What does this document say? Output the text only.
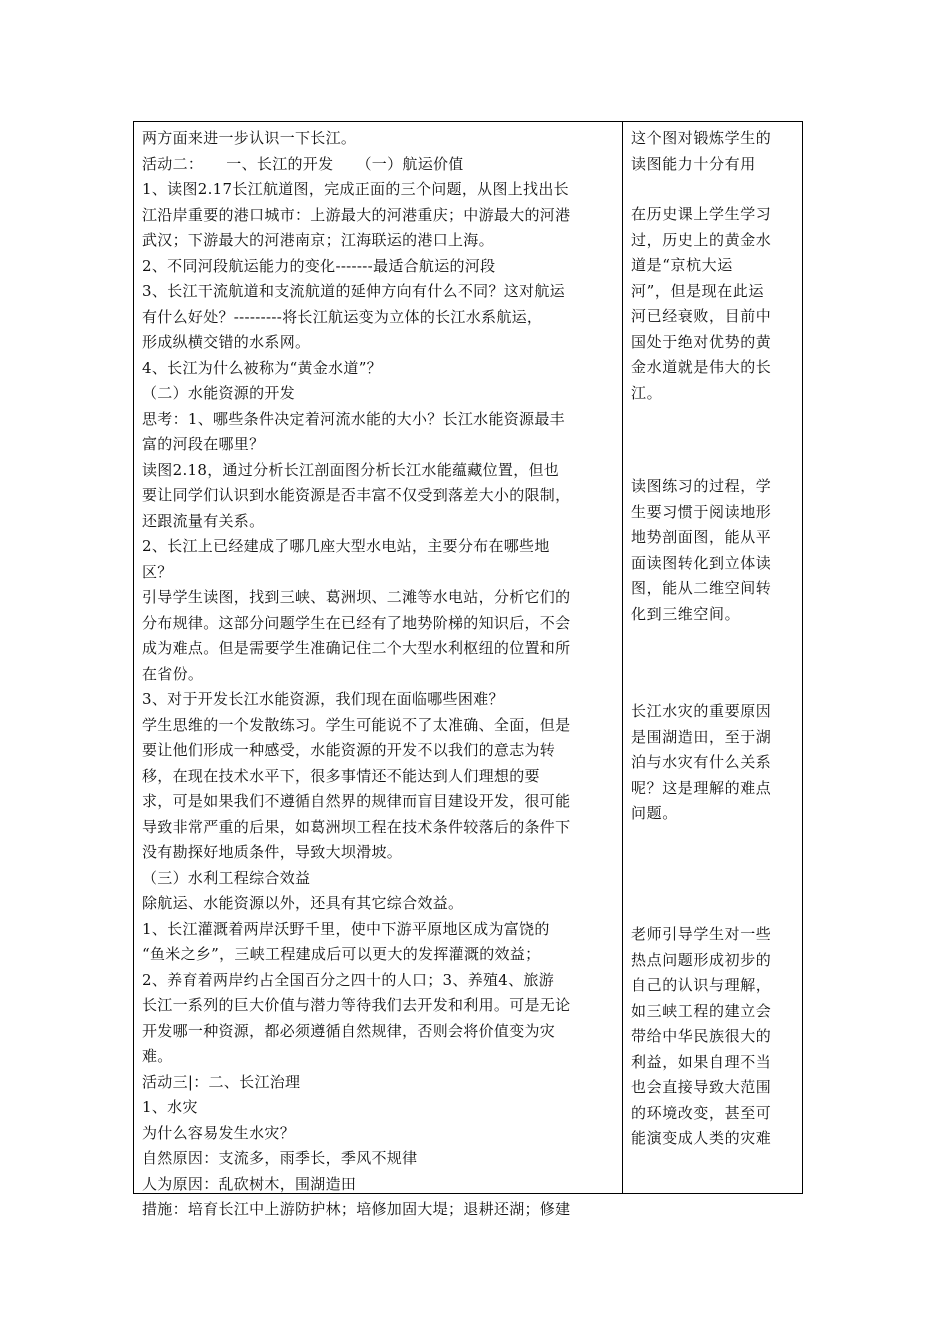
两方面来进一步认识一下长江。
活动二：　　一、长江的开发　　（一）航运价值
1、读图2.17长江航道图，完成正面的三个问题，从图上找出长
江沿岸重要的港口城市：上游最大的河港重庆；中游最大的河港
武汉；下游最大的河港南京；江海联运的港口上海。
2、不同河段航运能力的变化-------最适合航运的河段
3、长江干流航道和支流航道的延伸方向有什么不同？这对航运
有什么好处？---------将长江航运变为立体的长江水系航运，
形成纵横交错的水系网。
4、长江为什么被称为“黄金水道”？
（二）水能资源的开发
思考：1、哪些条件决定着河流水能的大小？长江水能资源最丰
富的河段在哪里？
读图2.18，通过分析长江剖面图分析长江水能蕴藏位置，但也
要让同学们认识到水能资源是否丰富不仅受到落差大小的限制，
还跟流量有关系。
2、长江上已经建成了哪几座大型水电站，主要分布在哪些地
区？
引导学生读图，找到三峡、葛洲坝、二滩等水电站，分析它们的
分布规律。这部分问题学生在已经有了地势阶梯的知识后，不会
成为难点。但是需要学生准确记住二个大型水利枢纽的位置和所
在省份。
3、对于开发长江水能资源，我们现在面临哪些困难？
学生思维的一个发散练习。学生可能说不了太准确、全面，但是
要让他们形成一种感受，水能资源的开发不以我们的意志为转
移，在现在技术水平下，很多事情还不能达到人们理想的要
求，可是如果我们不遵循自然界的规律而盲目建设开发，很可能
导致非常严重的后果，如葛洲坝工程在技术条件较落后的条件下
没有勘探好地质条件，导致大坝滑坡。
（三）水利工程综合效益
除航运、水能资源以外，还具有其它综合效益。
1、长江灌溉着两岸沃野千里，使中下游平原地区成为富饶的
“鱼米之乡”，三峡工程建成后可以更大的发挥灌溉的效益；
2、养育着两岸约占全国百分之四十的人口；3、养殖4、旅游
长江一系列的巨大价值与潜力等待我们去开发和利用。可是无论
开发哪一种资源，都必须遵循自然规律，否则会将价值变为灾
难。
活动三|：二、长江治理
1、水灾
为什么容易发生水灾？
自然原因：支流多，雨季长，季风不规律
人为原因：乱砍树木，围湖造田
措施：培育长江中上游防护林；培修加固大堤；退耕还湖；修建
这个图对锻炼学生的
读图能力十分有用
在历史课上学生学习
过，历史上的黄金水
道是“京杭大运
河”，但是现在此运
河已经衰败，目前中
国处于绝对优势的黄
金水道就是伟大的长
江。
读图练习的过程，学
生要习惯于阅读地形
地势剖面图，能从平
面读图转化到立体读
图，能从二维空间转
化到三维空间。
长江水灾的重要原因
是围湖造田，至于湖
泊与水灾有什么关系
呢？这是理解的难点
问题。
老师引导学生对一些
热点问题形成初步的
自己的认识与理解，
如三峡工程的建立会
带给中华民族很大的
利益，如果自理不当
也会直接导致大范围
的环境改变，甚至可
能演变成人类的灾难
